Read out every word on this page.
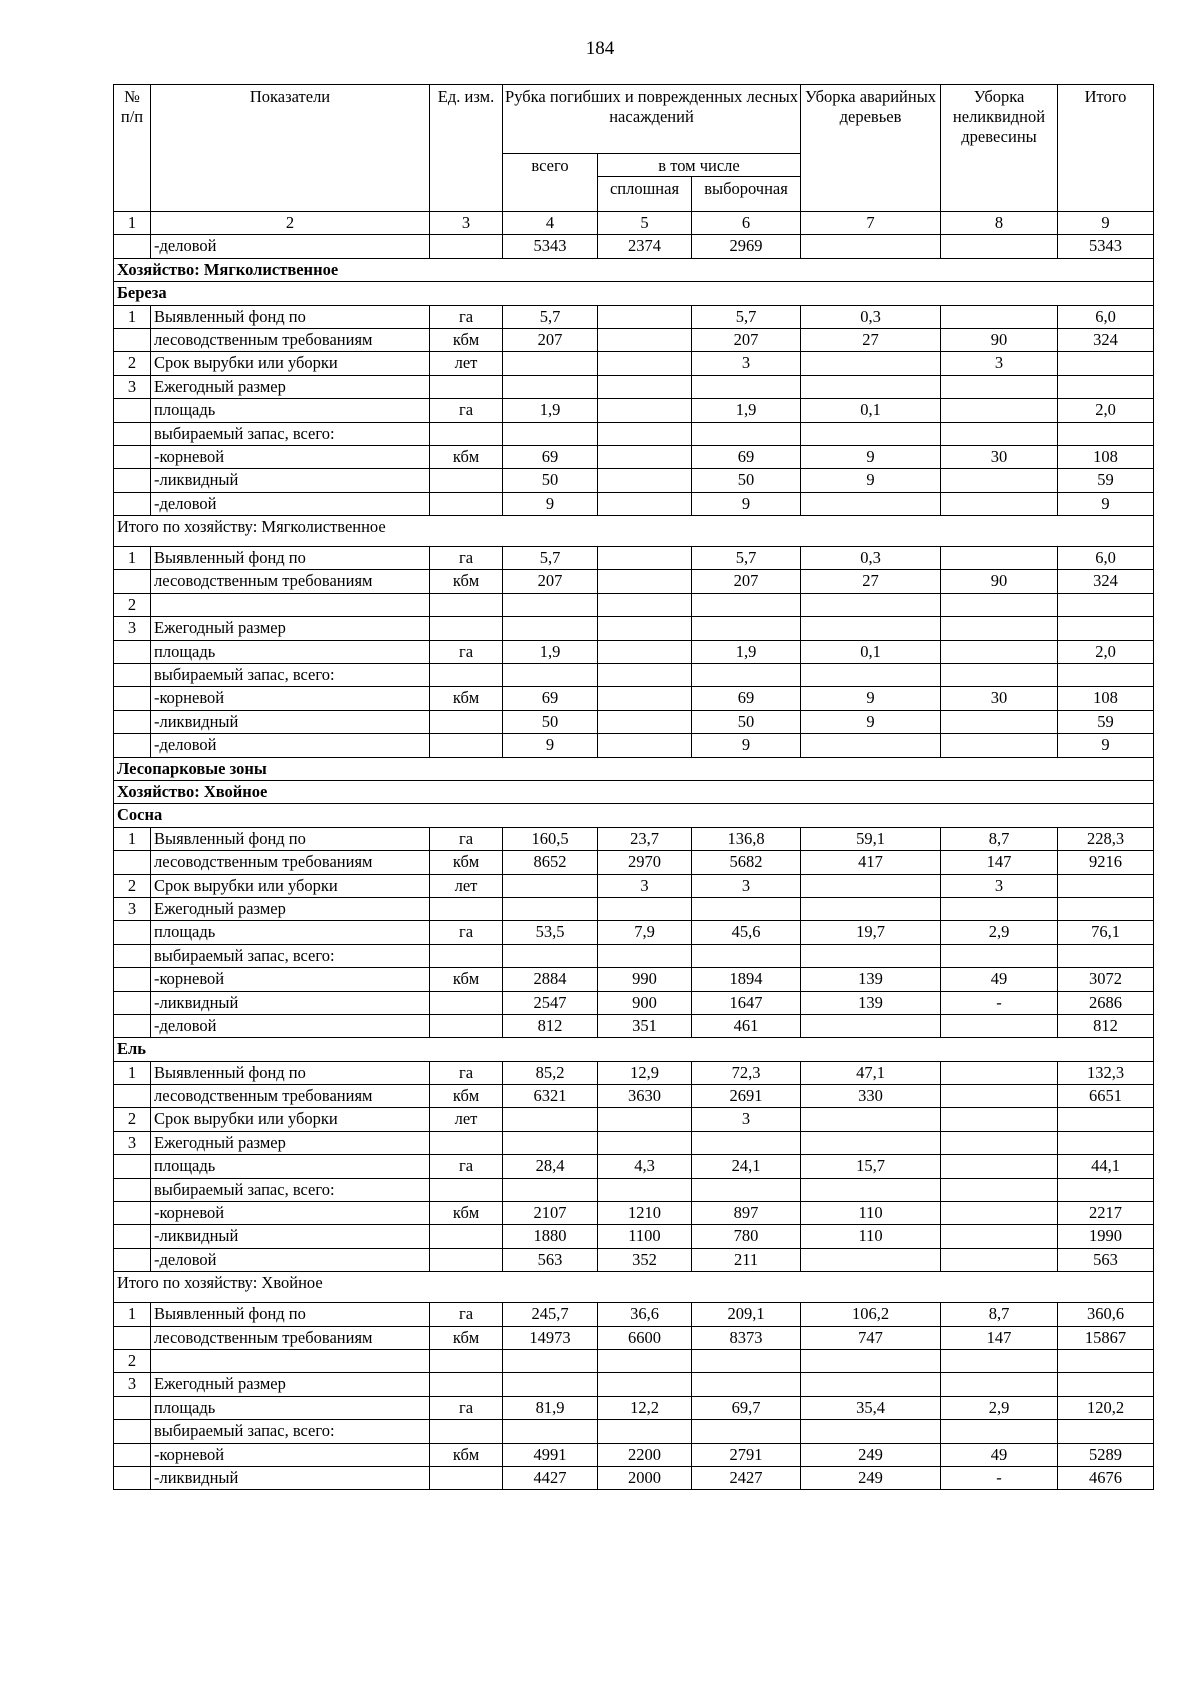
184
№ п/п	Показатели	Ед. изм.	Рубка погибших и поврежденных лесных насаждений			Уборка аварийных деревьев	Уборка неликвидной древесины	Итого
			всего	в том числе				
				сплошная	выборочная			
1	2	3	4	5	6	7	8	9
	-деловой		5343	2374	2969			5343
Хозяйство: Мягколиственное								
Береза								
1	Выявленный фонд по	га	5,7		5,7	0,3		6,0
	лесоводственным требованиям	кбм	207		207	27	90	324
2	Срок вырубки или уборки	лет			3		3	
3	Ежегодный размер							
	площадь	га	1,9		1,9	0,1		2,0
	выбираемый запас, всего:							
	-корневой	кбм	69		69	9	30	108
	-ликвидный		50		50	9		59
	-деловой		9		9			9
Итого по хозяйству: Мягколиственное								
1	Выявленный фонд по	га	5,7		5,7	0,3		6,0
	лесоводственным требованиям	кбм	207		207	27	90	324
2								
3	Ежегодный размер							
	площадь	га	1,9		1,9	0,1		2,0
	выбираемый запас, всего:							
	-корневой	кбм	69		69	9	30	108
	-ликвидный		50		50	9		59
	-деловой		9		9			9
Лесопарковые зоны								
Хозяйство: Хвойное								
Сосна								
1	Выявленный фонд по	га	160,5	23,7	136,8	59,1	8,7	228,3
	лесоводственным требованиям	кбм	8652	2970	5682	417	147	9216
2	Срок вырубки или уборки	лет		3	3		3	
3	Ежегодный размер							
	площадь	га	53,5	7,9	45,6	19,7	2,9	76,1
	выбираемый запас, всего:							
	-корневой	кбм	2884	990	1894	139	49	3072
	-ликвидный		2547	900	1647	139	-	2686
	-деловой		812	351	461			812
Ель								
1	Выявленный фонд по	га	85,2	12,9	72,3	47,1		132,3
	лесоводственным требованиям	кбм	6321	3630	2691	330		6651
2	Срок вырубки или уборки	лет			3			
3	Ежегодный размер							
	площадь	га	28,4	4,3	24,1	15,7		44,1
	выбираемый запас, всего:							
	-корневой	кбм	2107	1210	897	110		2217
	-ликвидный		1880	1100	780	110		1990
	-деловой		563	352	211			563
Итого по хозяйству: Хвойное								
1	Выявленный фонд по	га	245,7	36,6	209,1	106,2	8,7	360,6
	лесоводственным требованиям	кбм	14973	6600	8373	747	147	15867
2								
3	Ежегодный размер							
	площадь	га	81,9	12,2	69,7	35,4	2,9	120,2
	выбираемый запас, всего:							
	-корневой	кбм	4991	2200	2791	249	49	5289
	-ликвидный		4427	2000	2427	249	-	4676
